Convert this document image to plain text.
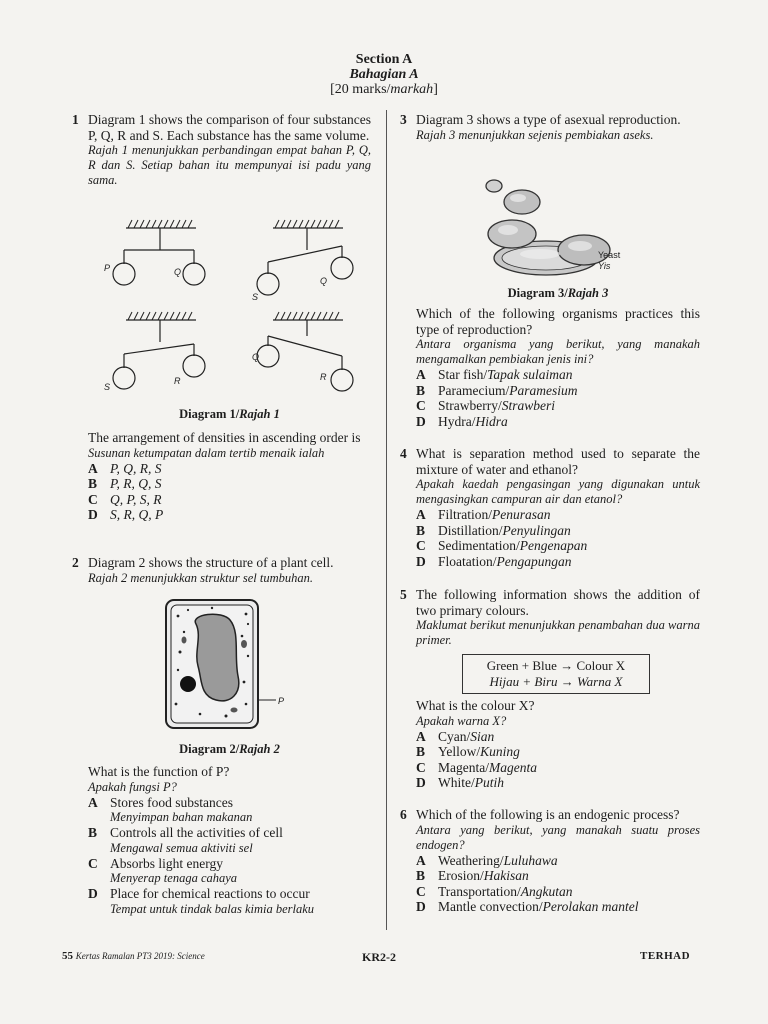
Section A
Bahagian A
[20 marks/markah]
1 Diagram 1 shows the comparison of four substances P, Q, R and S. Each substance has the same volume.
Rajah 1 menunjukkan perbandingan empat bahan P, Q, R dan S. Setiap bahan itu mempunyai isi padu yang sama.
P	Q
S
Q
S
R
Q
R
Diagram 1/Rajah 1
The arrangement of densities in ascending order is
Susunan ketumpatan dalam tertib menaik ialah
A P, Q, R, S
B P, R, Q, S
C Q, P, S, R
D S, R, Q, P
2 Diagram 2 shows the structure of a plant cell.
Rajah 2 menunjukkan struktur sel tumbuhan.
P
Diagram 2/Rajah 2
What is the function of P?
Apakah fungsi P?
A Stores food substances
Menyimpan bahan makanan
B Controls all the activities of cell
Mengawal semua aktiviti sel
C Absorbs light energy
Menyerap tenaga cahaya
D Place for chemical reactions to occur
Tempat untuk tindak balas kimia berlaku
3 Diagram 3 shows a type of asexual reproduction.
Rajah 3 menunjukkan sejenis pembiakan aseks.
Yeast
Yis
Diagram 3/Rajah 3
Which of the following organisms practices this type of reproduction?
Antara organisma yang berikut, yang manakah mengamalkan pembiakan jenis ini?
A Star fish/ Tapak sulaiman
B Paramecium/ Paramesium
C Strawberry/ Strawberi
D Hydra/ Hidra
4 What is separation method used to separate the mixture of water and ethanol?
Apakah kaedah pengasingan yang digunakan untuk mengasingkan campuran air dan etanol?
A Filtration/ Penurasan
B Distillation/ Penyulingan
C Sedimentation/ Pengenapan
D Floatation/ Pengapungan
5 The following information shows the addition of two primary colours.
Maklumat berikut menunjukkan penambahan dua warna primer.
Green + Blue → Colour X
Hijau + Biru → Warna X
What is the colour X?
Apakah warna X?
A Cyan/ Sian
B Yellow/ Kuning
C Magenta/ Magenta
D White/ Putih
6 Which of the following is an endogenic process?
Antara yang berikut, yang manakah suatu proses endogen?
A Weathering/ Luluhawa
B Erosion/ Hakisan
C Transportation/ Angkutan
D Mantle convection/ Perolakan mantel
55 Kertas Ramalan PT3 2019: Science	KR2-2	TERHAD
